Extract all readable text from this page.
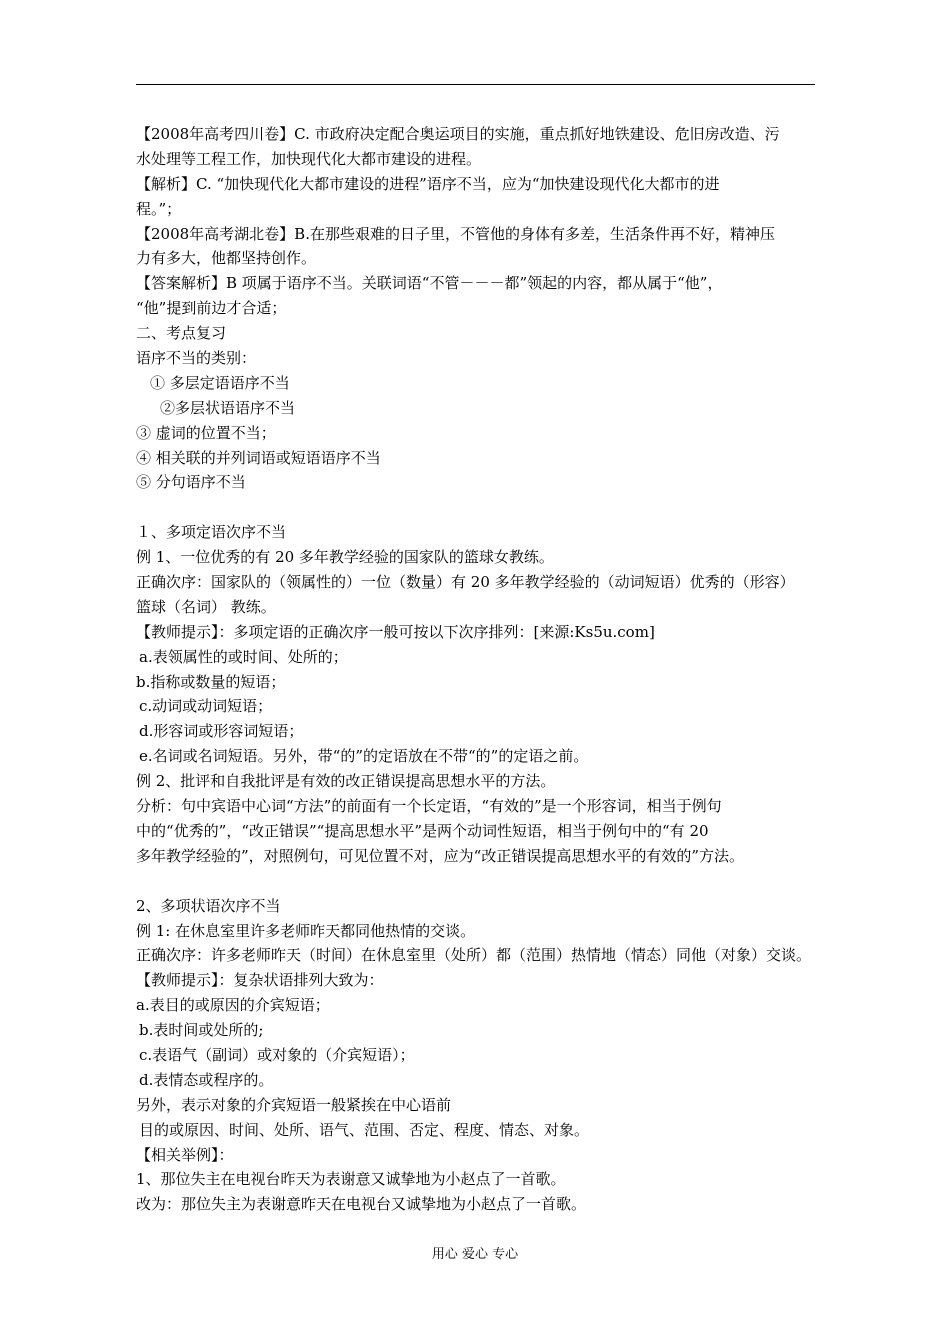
【2008年高考四川卷】C. 市政府决定配合奥运项目的实施，重点抓好地铁建设、危旧房改造、污
水处理等工程工作，加快现代化大都市建设的进程。
【解析】C. “加快现代化大都市建设的进程”语序不当，应为“加快建设现代化大都市的进
程。”；
【2008年高考湖北卷】B.在那些艰难的日子里，不管他的身体有多差，生活条件再不好，精神压
力有多大，他都坚持创作。
【答案解析】B 项属于语序不当。关联词语“不管－－－都”领起的内容，都从属于“他”，
“他”提到前边才合适；
二、考点复习
语序不当的类别：
① 多层定语语序不当
②多层状语语序不当
③ 虚词的位置不当；
④ 相关联的并列词语或短语语序不当
⑤ 分句语序不当
１、多项定语次序不当
例 1、一位优秀的有 20 多年教学经验的国家队的篮球女教练。
正确次序：国家队的（领属性的）一位（数量）有 20 多年教学经验的（动词短语）优秀的（形容）
篮球（名词） 教练。
【教师提示】：多项定语的正确次序一般可按以下次序排列：[来源:Ks5u.com]
a.表领属性的或时间、处所的；
b.指称或数量的短语；
c.动词或动词短语；
d.形容词或形容词短语；
e.名词或名词短语。另外，带“的”的定语放在不带“的”的定语之前。
例 2、批评和自我批评是有效的改正错误提高思想水平的方法。
分析：句中宾语中心词“方法”的前面有一个长定语，“有效的”是一个形容词，相当于例句
中的“优秀的”，“改正错误”“提高思想水平”是两个动词性短语，相当于例句中的“有 20
多年教学经验的”，对照例句，可见位置不对，应为“改正错误提高思想水平的有效的”方法。
2、多项状语次序不当
例 1: 在休息室里许多老师昨天都同他热情的交谈。
正确次序：许多老师昨天（时间）在休息室里（处所）都（范围）热情地（情态）同他（对象）交谈。
【教师提示】：复杂状语排列大致为：
a.表目的或原因的介宾短语；
b.表时间或处所的;
c.表语气（副词）或对象的（介宾短语）；
d.表情态或程序的。
另外，表示对象的介宾短语一般紧挨在中心语前
目的或原因、时间、处所、语气、范围、否定、程度、情态、对象。
【相关举例】：
1、那位失主在电视台昨天为表谢意又诚挚地为小赵点了一首歌。
改为：那位失主为表谢意昨天在电视台又诚挚地为小赵点了一首歌。
用心 爱心 专心
